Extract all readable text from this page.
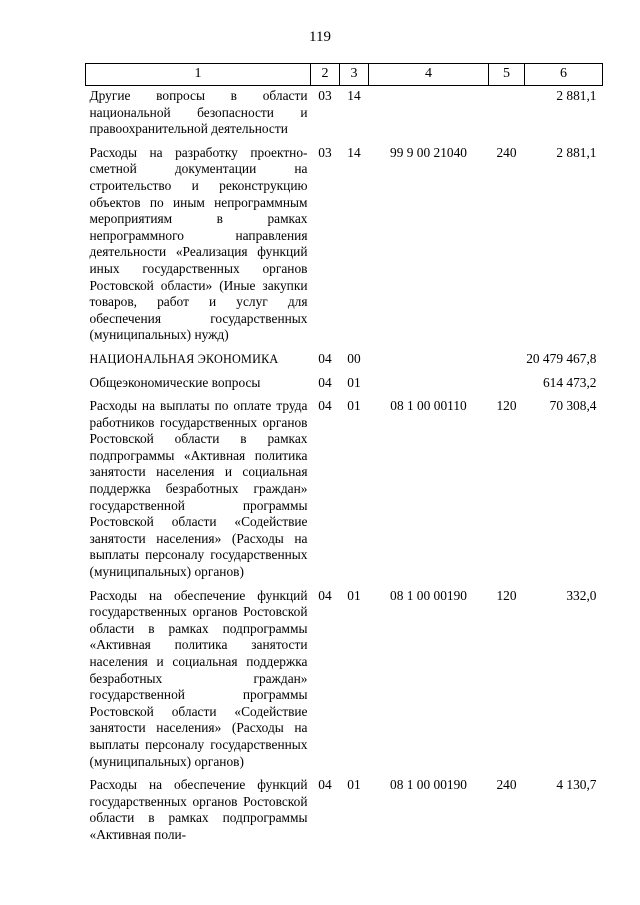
119
1	2	3	4	5	6
Другие вопросы в области национальной безопасности и правоохранительной деятельности	03	14			2 881,1
Расходы на разработку проектно-сметной документации на строительство и реконструкцию объектов по иным непрограммным мероприятиям в рамках непрограммного направления деятельности «Реализация функций иных государственных органов Ростовской области» (Иные закупки товаров, работ и услуг для обеспечения государственных (муниципальных) нужд)	03	14	99 9 00 21040	240	2 881,1
НАЦИОНАЛЬНАЯ ЭКОНОМИКА	04	00			20 479 467,8
Общеэкономические вопросы	04	01			614 473,2
Расходы на выплаты по оплате труда работников государственных органов Ростовской области в рамках подпрограммы «Активная политика занятости населения и социальная поддержка безработных граждан» государственной программы Ростовской области «Содействие занятости населения» (Расходы на выплаты персоналу государственных (муниципальных) органов)	04	01	08 1 00 00110	120	70 308,4
Расходы на обеспечение функций государственных органов Ростовской области в рамках подпрограммы «Активная политика занятости населения и социальная поддержка безработных граждан» государственной программы Ростовской области «Содействие занятости населения» (Расходы на выплаты персоналу государственных (муниципальных) органов)	04	01	08 1 00 00190	120	332,0
Расходы на обеспечение функций государственных органов Ростовской области в рамках подпрограммы «Активная поли-	04	01	08 1 00 00190	240	4 130,7
